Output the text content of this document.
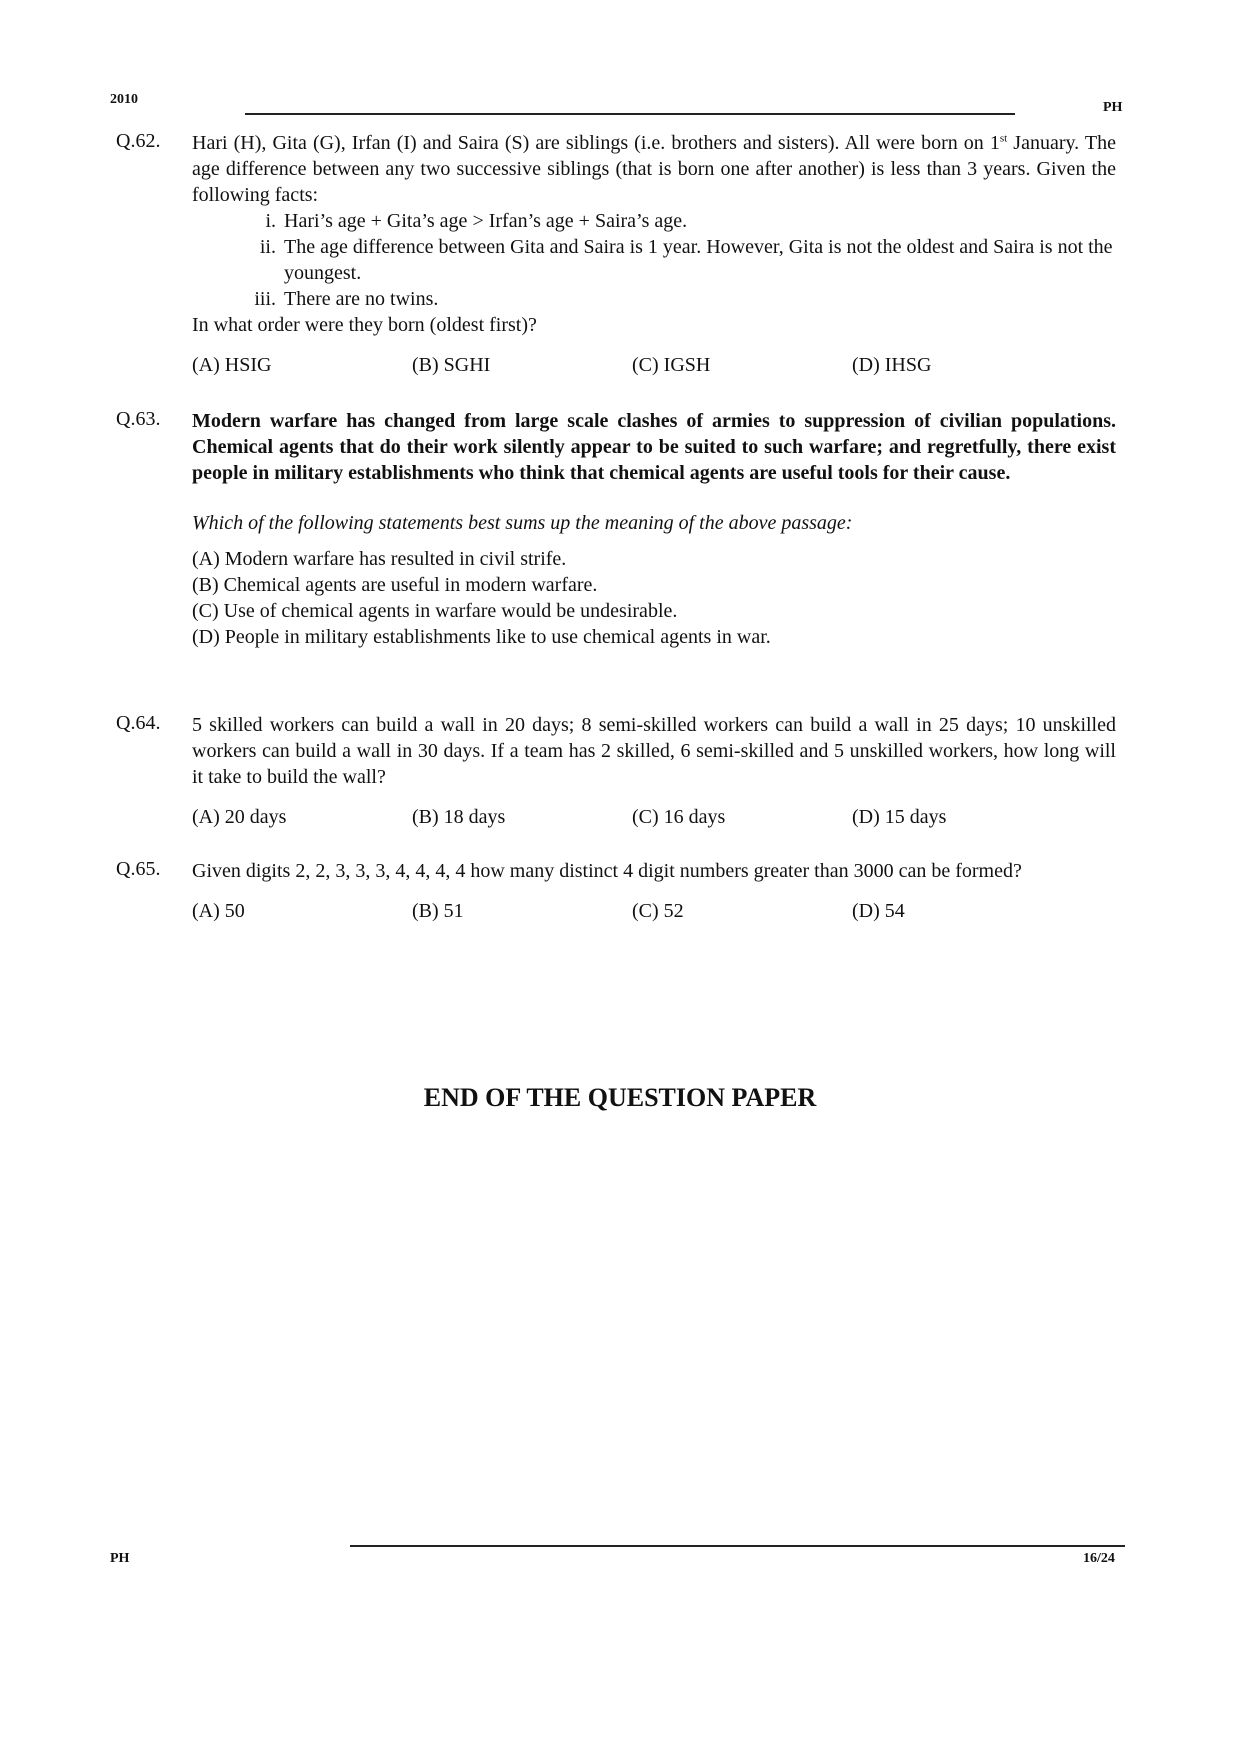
2010
PH
Q.62. Hari (H), Gita (G), Irfan (I) and Saira (S) are siblings (i.e. brothers and sisters). All were born on 1st January. The age difference between any two successive siblings (that is born one after another) is less than 3 years. Given the following facts:
i. Hari’s age + Gita’s age > Irfan’s age + Saira’s age.
ii. The age difference between Gita and Saira is 1 year. However, Gita is not the oldest and Saira is not the youngest.
iii. There are no twins.
In what order were they born (oldest first)?
(A) HSIG	(B) SGHI	(C) IGSH	(D) IHSG
Q.63. Modern warfare has changed from large scale clashes of armies to suppression of civilian populations. Chemical agents that do their work silently appear to be suited to such warfare; and regretfully, there exist people in military establishments who think that chemical agents are useful tools for their cause.
Which of the following statements best sums up the meaning of the above passage:
(A) Modern warfare has resulted in civil strife.
(B) Chemical agents are useful in modern warfare.
(C) Use of chemical agents in warfare would be undesirable.
(D) People in military establishments like to use chemical agents in war.
Q.64. 5 skilled workers can build a wall in 20 days; 8 semi-skilled workers can build a wall in 25 days; 10 unskilled workers can build a wall in 30 days. If a team has 2 skilled, 6 semi-skilled and 5 unskilled workers, how long will it take to build the wall?
(A) 20 days	(B) 18 days	(C) 16 days	(D) 15 days
Q.65. Given digits 2, 2, 3, 3, 3, 4, 4, 4, 4 how many distinct 4 digit numbers greater than 3000 can be formed?
(A) 50	(B) 51	(C) 52	(D) 54
END OF THE QUESTION PAPER
PH	16/24
